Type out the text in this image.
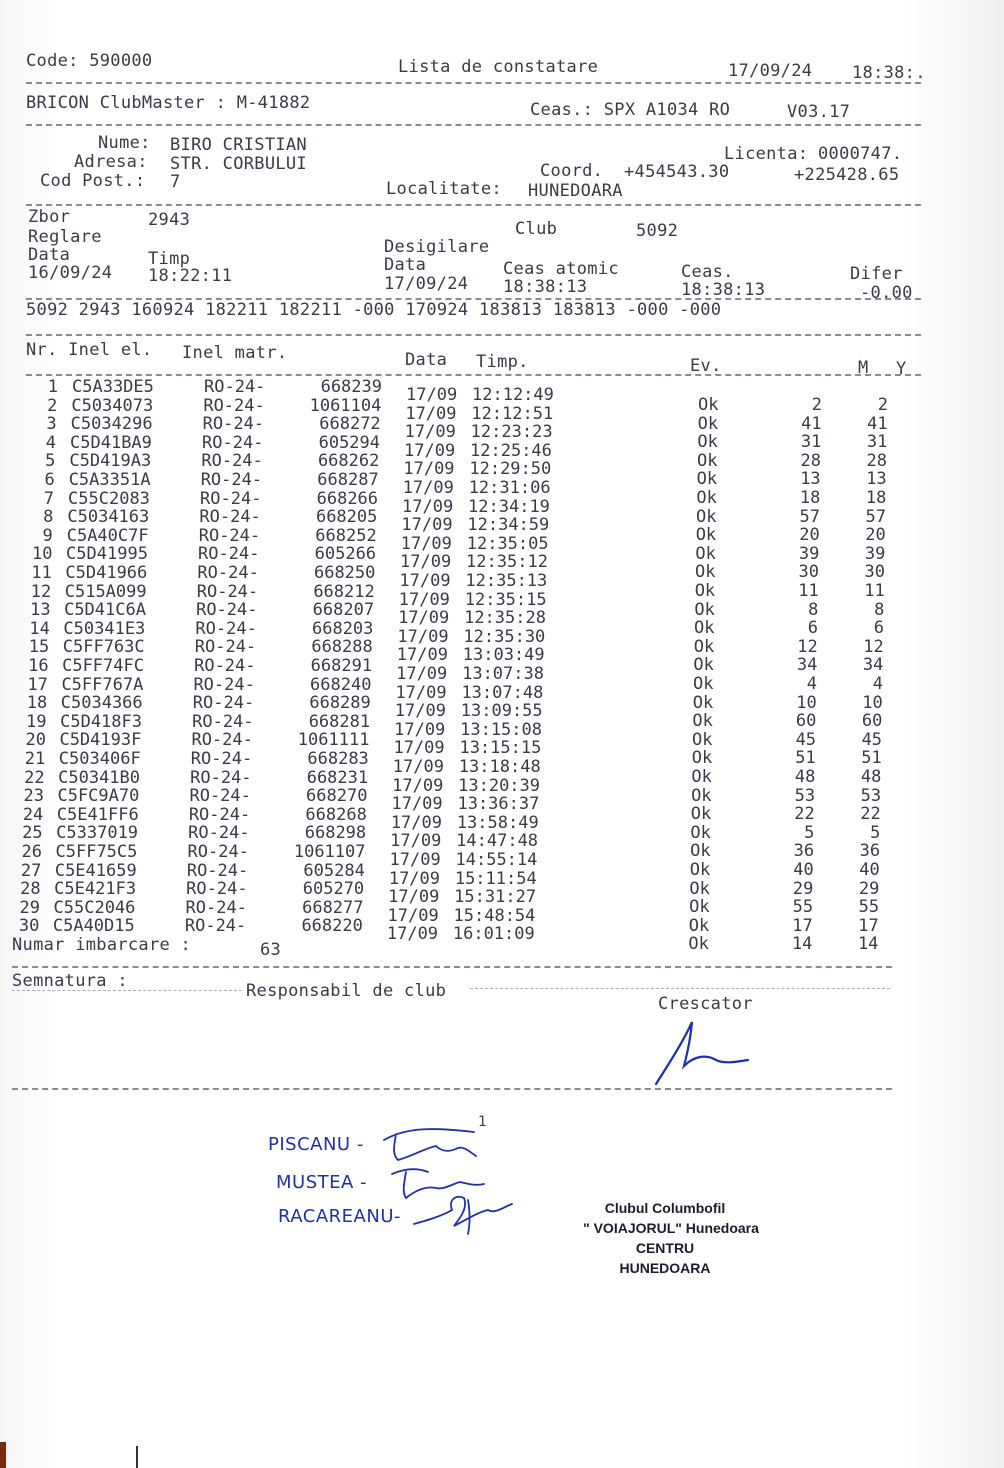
Code: 590000	Lista de constatare	17/09/24 18:38:.
BRICON ClubMaster : M-41882	Ceas.: SPX A1034 RO	V03.17
Nume: BIRO CRISTIAN
Adresa: STR. CORBULUI
Cod Post.: 7
Licenta: 0000747.
Coord. +454543.30	+225428.65
Localitate: HUNEDOARA
Zbor	2943	Club	5092
Reglare	Desigilare
Data	Timp
16/09/24 18:22:11
Data	Ceas atomic	Ceas.	Difer
17/09/24 18:38:13	18:38:13	-0.00
5092 2943 160924 182211 182211 -000 170924 183813 183813 -000 -000
Nr. Inel el. Inel matr.	Data Timp.	Ev.	M Y
1 C5A33DE5	RO-24-	668239 17/09 12:12:49	Ok	2	2
2 C5034073	RO-24-	1061104 17/09 12:12:51	Ok	41	41
3 C5034296	RO-24-	668272 17/09 12:23:23	Ok	31	31
4 C5D41BA9	RO-24-	605294 17/09 12:25:46	Ok	28	28
5 C5D419A3	RO-24-	668262 17/09 12:29:50	Ok	13	13
6 C5A3351A	RO-24-	668287 17/09 12:31:06	Ok	18	18
7 C55C2083	RO-24-	668266 17/09 12:34:19	Ok	57	57
8 C5034163	RO-24-	668205 17/09 12:34:59	Ok	20	20
9 C5A40C7F	RO-24-	668252 17/09 12:35:05	Ok	39	39
10 C5D41995	RO-24-	605266 17/09 12:35:12	Ok	30	30
11 C5D41966	RO-24-	668250 17/09 12:35:13	Ok	11	11
12 C515A099	RO-24-	668212 17/09 12:35:15	Ok	8	8
13 C5D41C6A	RO-24-	668207 17/09 12:35:28	Ok	6	6
14 C50341E3	RO-24-	668203 17/09 12:35:30	Ok	12	12
15 C5FF763C	RO-24-	668288 17/09 13:03:49	Ok	34	34
16 C5FF74FC	RO-24-	668291 17/09 13:07:38	Ok	4	4
17 C5FF767A	RO-24-	668240 17/09 13:07:48	Ok	10	10
18 C5034366	RO-24-	668289 17/09 13:09:55	Ok	60	60
19 C5D418F3	RO-24-	668281 17/09 13:15:08	Ok	45	45
20 C5D4193F	RO-24-	1061111 17/09 13:15:15	Ok	51	51
21 C503406F	RO-24-	668283 17/09 13:18:48	Ok	48	48
22 C50341B0	RO-24-	668231 17/09 13:20:39	Ok	53	53
23 C5FC9A70	RO-24-	668270 17/09 13:36:37	Ok	22	22
24 C5E41FF6	RO-24-	668268 17/09 13:58:49	Ok	5	5
25 C5337019	RO-24-	668298 17/09 14:47:48	Ok	36	36
26 C5FF75C5	RO-24-	1061107 17/09 14:55:14	Ok	40	40
27 C5E41659	RO-24-	605284 17/09 15:11:54	Ok	29	29
28 C5E421F3	RO-24-	605270 17/09 15:31:27	Ok	55	55
29 C55C2046	RO-24-	668277 17/09 15:48:54	Ok	17	17
30 C5A40D15	RO-24-	668220 17/09 16:01:09	Ok	14	14
Numar imbarcare :	63
Semnatura :	Responsabil de club
Crescator
1
PISCANU -
MUSTEA -
RACAREANU-	Clubul Columbofil
" VOIAJORUL" Hunedoara
CENTRU
HUNEDOARA
